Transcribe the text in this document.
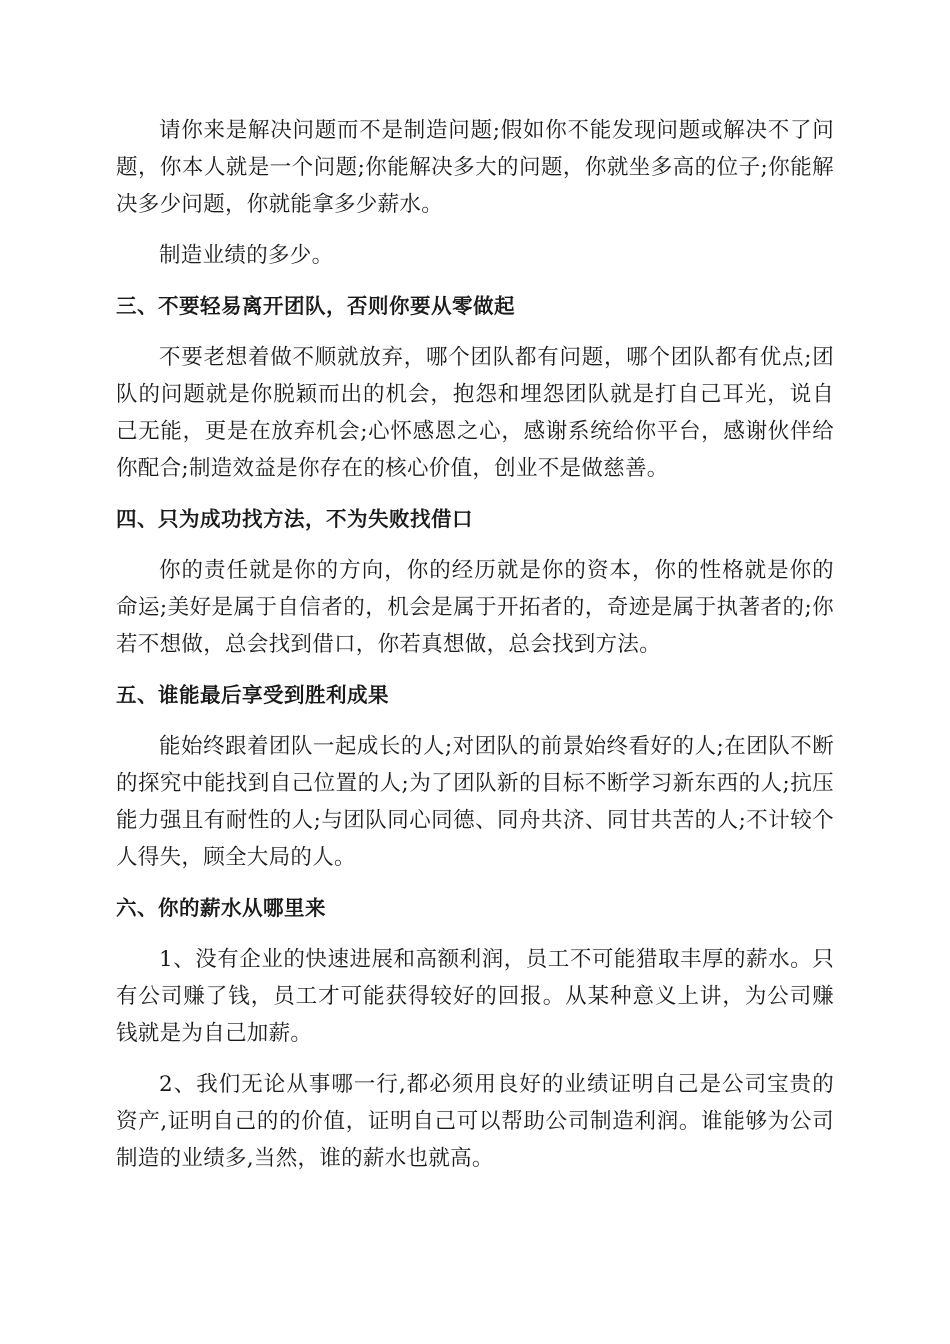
请你来是解决问题而不是制造问题;假如你不能发现问题或解决不了问题，你本人就是一个问题;你能解决多大的问题，你就坐多高的位子;你能解决多少问题，你就能拿多少薪水。

制造业绩的多少。

三、不要轻易离开团队，否则你要从零做起

不要老想着做不顺就放弃，哪个团队都有问题，哪个团队都有优点;团队的问题就是你脱颖而出的机会，抱怨和埋怨团队就是打自己耳光，说自己无能，更是在放弃机会;心怀感恩之心，感谢系统给你平台，感谢伙伴给你配合;制造效益是你存在的核心价值，创业不是做慈善。

四、只为成功找方法，不为失败找借口

你的责任就是你的方向，你的经历就是你的资本，你的性格就是你的命运;美好是属于自信者的，机会是属于开拓者的，奇迹是属于执著者的;你若不想做，总会找到借口，你若真想做，总会找到方法。

五、谁能最后享受到胜利成果

能始终跟着团队一起成长的人;对团队的前景始终看好的人;在团队不断的探究中能找到自己位置的人;为了团队新的目标不断学习新东西的人;抗压能力强且有耐性的人;与团队同心同德、同舟共济、同甘共苦的人;不计较个人得失，顾全大局的人。

六、你的薪水从哪里来

1、没有企业的快速进展和高额利润，员工不可能猎取丰厚的薪水。只有公司赚了钱，员工才可能获得较好的回报。从某种意义上讲，为公司赚钱就是为自己加薪。

2、我们无论从事哪一行,都必须用良好的业绩证明自己是公司宝贵的资产,证明自己的的价值，证明自己可以帮助公司制造利润。谁能够为公司制造的业绩多,当然，谁的薪水也就高。
